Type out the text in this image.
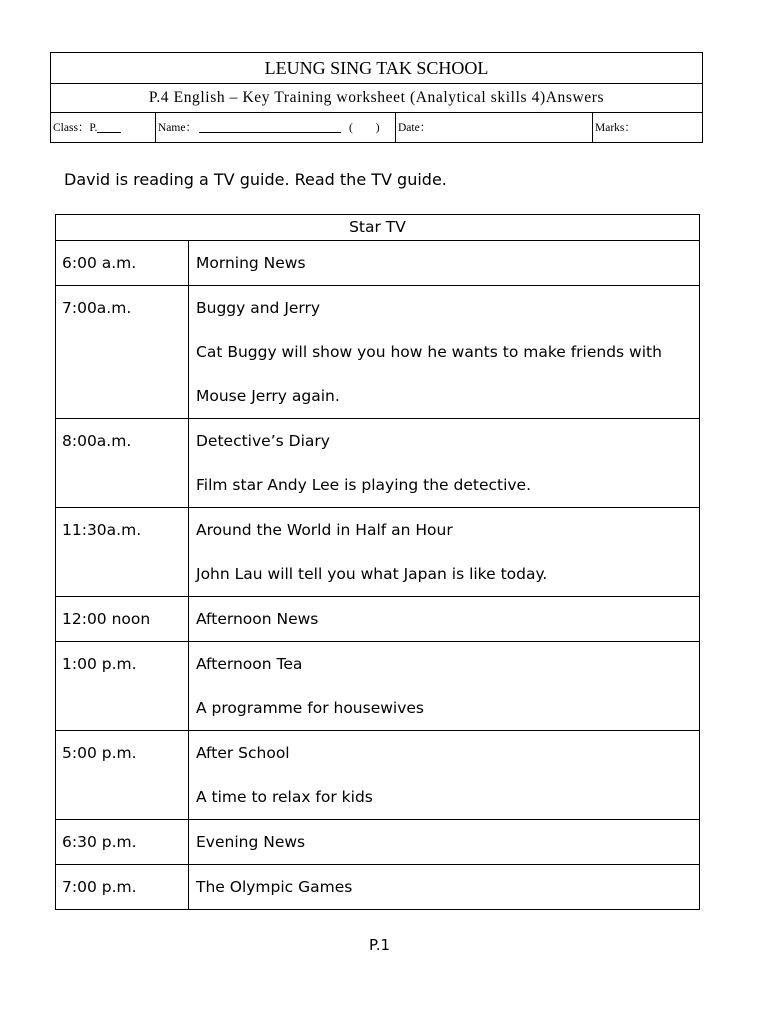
LEUNG SING TAK SCHOOL
P.4 English – Key Training worksheet (Analytical skills 4)Answers
Class：P.	Name：	(　　)	Date：	Marks：
David is reading a TV guide. Read the TV guide.
Star TV	

6:00 a.m.	Morning News

7:00a.m.	Buggy and Jerry
Cat Buggy will show you how he wants to make friends with
Mouse Jerry again.

8:00a.m.	Detective’s Diary
Film star Andy Lee is playing the detective.

11:30a.m.	Around the World in Half an Hour
John Lau will tell you what Japan is like today.

12:00 noon	Afternoon News

1:00 p.m.	Afternoon Tea
A programme for housewives

5:00 p.m.	After School
A time to relax for kids

6:30 p.m.	Evening News

7:00 p.m.	The Olympic Games
P.1
